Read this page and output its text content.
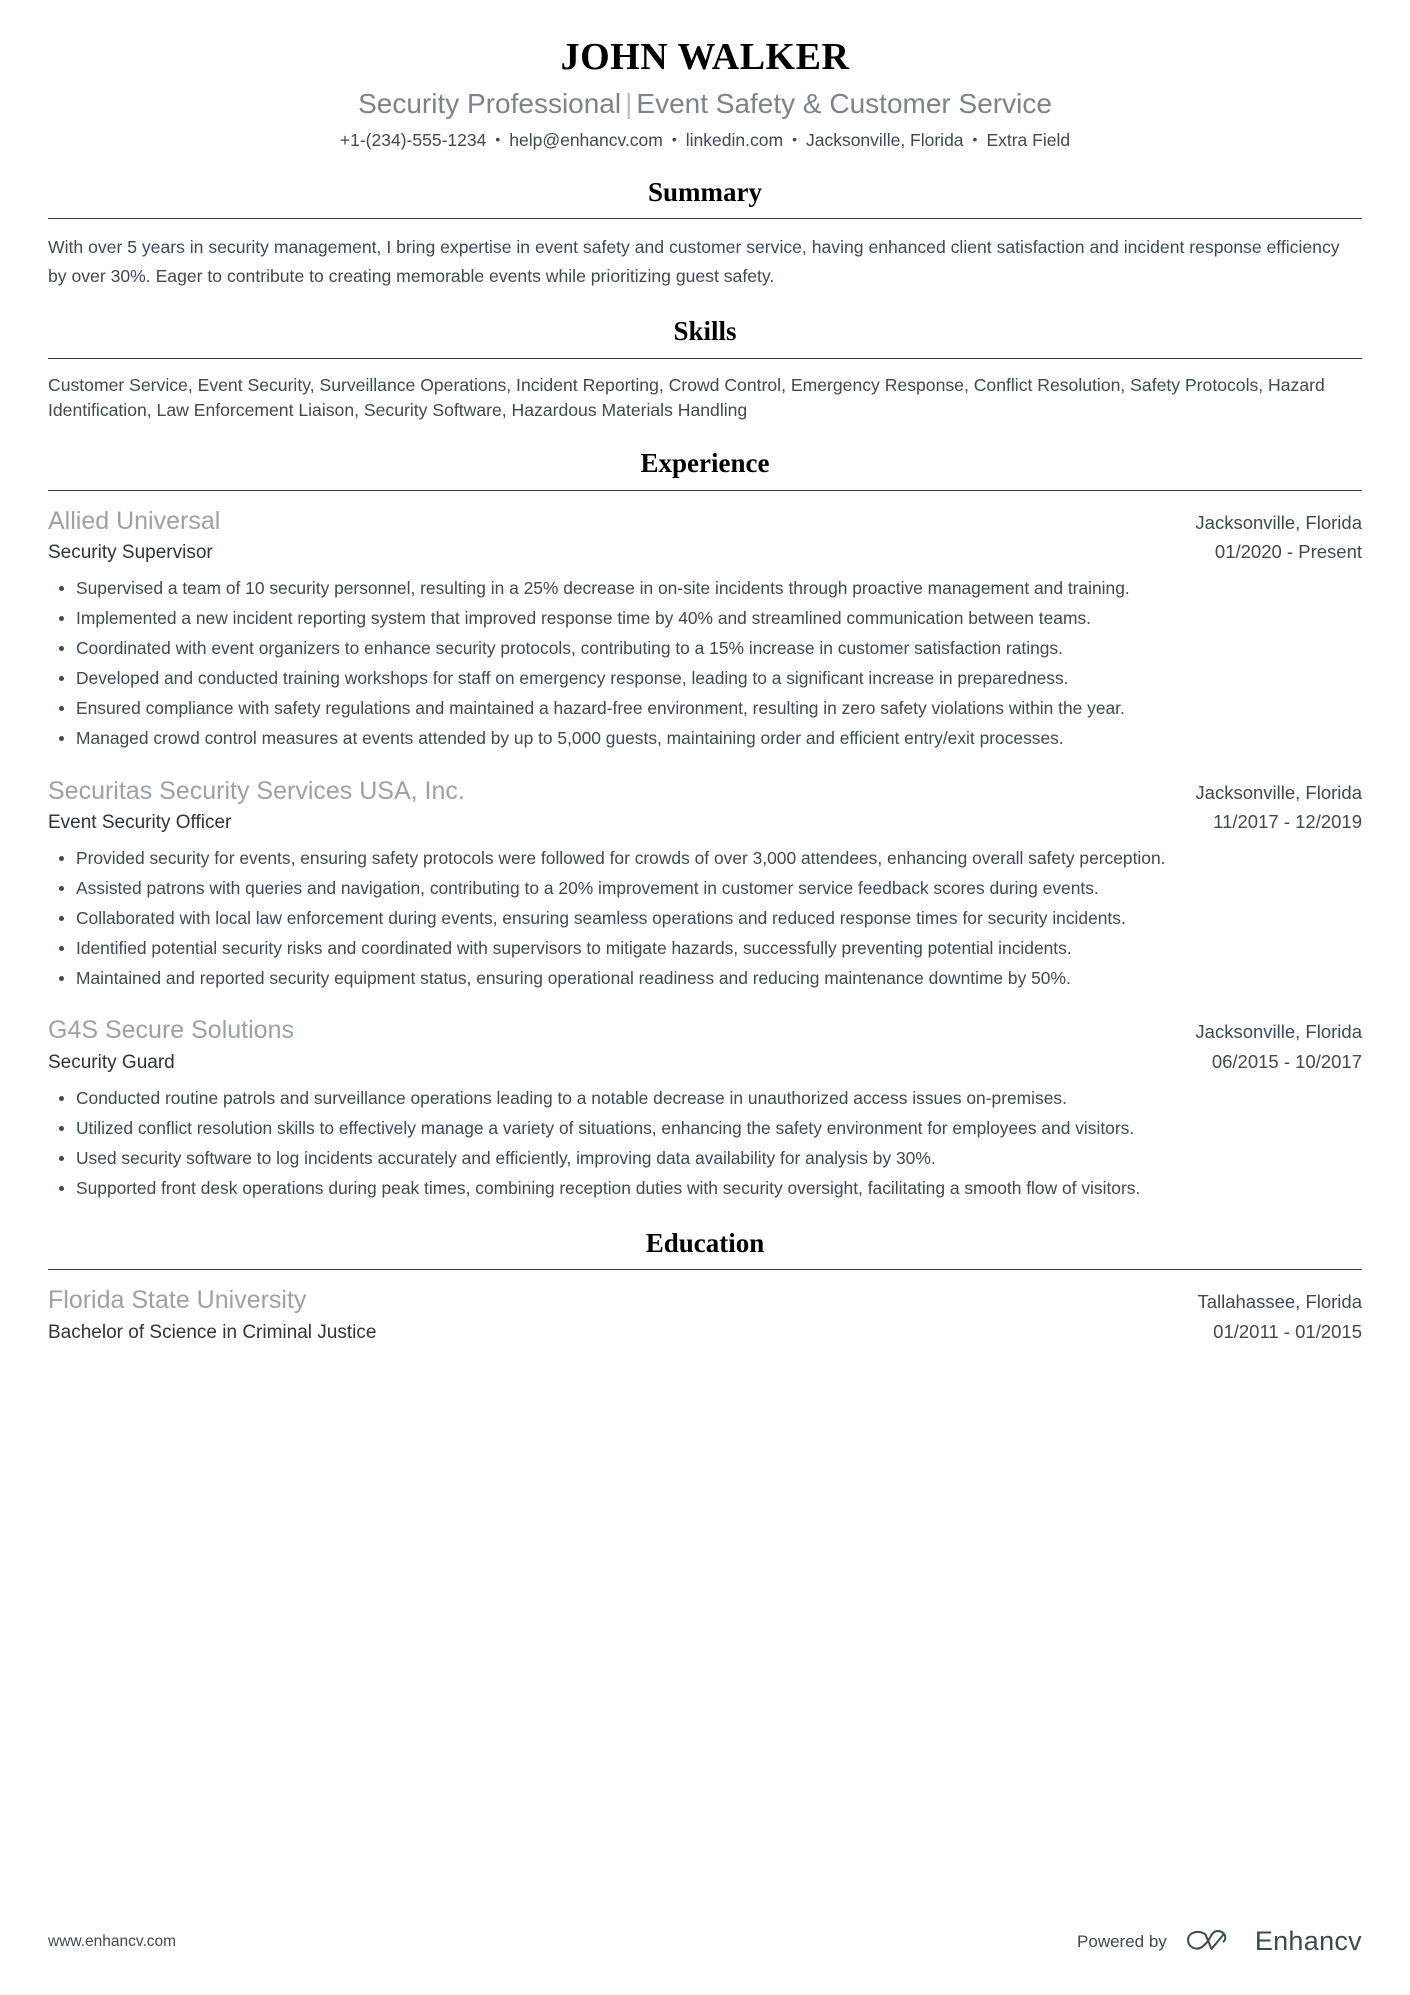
JOHN WALKER
Security Professional | Event Safety & Customer Service
+1-(234)-555-1234 • help@enhancv.com • linkedin.com • Jacksonville, Florida • Extra Field
Summary

With over 5 years in security management, I bring expertise in event safety and customer service, having enhanced client satisfaction and incident response efficiency by over 30%. Eager to contribute to creating memorable events while prioritizing guest safety.

Skills

Customer Service, Event Security, Surveillance Operations, Incident Reporting, Crowd Control, Emergency Response, Conflict Resolution, Safety Protocols, Hazard Identification, Law Enforcement Liaison, Security Software, Hazardous Materials Handling

Experience
Allied Universal	Jacksonville, Florida
Security Supervisor	01/2020 - Present
Supervised a team of 10 security personnel, resulting in a 25% decrease in on-site incidents through proactive management and training.
Implemented a new incident reporting system that improved response time by 40% and streamlined communication between teams.
Coordinated with event organizers to enhance security protocols, contributing to a 15% increase in customer satisfaction ratings.
Developed and conducted training workshops for staff on emergency response, leading to a significant increase in preparedness.
Ensured compliance with safety regulations and maintained a hazard-free environment, resulting in zero safety violations within the year.
Managed crowd control measures at events attended by up to 5,000 guests, maintaining order and efficient entry/exit processes.
Securitas Security Services USA, Inc.	Jacksonville, Florida
Event Security Officer	11/2017 - 12/2019
Provided security for events, ensuring safety protocols were followed for crowds of over 3,000 attendees, enhancing overall safety perception.
Assisted patrons with queries and navigation, contributing to a 20% improvement in customer service feedback scores during events.
Collaborated with local law enforcement during events, ensuring seamless operations and reduced response times for security incidents.
Identified potential security risks and coordinated with supervisors to mitigate hazards, successfully preventing potential incidents.
Maintained and reported security equipment status, ensuring operational readiness and reducing maintenance downtime by 50%.
G4S Secure Solutions	Jacksonville, Florida
Security Guard	06/2015 - 10/2017
Conducted routine patrols and surveillance operations leading to a notable decrease in unauthorized access issues on-premises.
Utilized conflict resolution skills to effectively manage a variety of situations, enhancing the safety environment for employees and visitors.
Used security software to log incidents accurately and efficiently, improving data availability for analysis by 30%.
Supported front desk operations during peak times, combining reception duties with security oversight, facilitating a smooth flow of visitors.
Education
Florida State University	Tallahassee, Florida
Bachelor of Science in Criminal Justice	01/2011 - 01/2015
www.enhancv.com	Powered by	Enhancv
